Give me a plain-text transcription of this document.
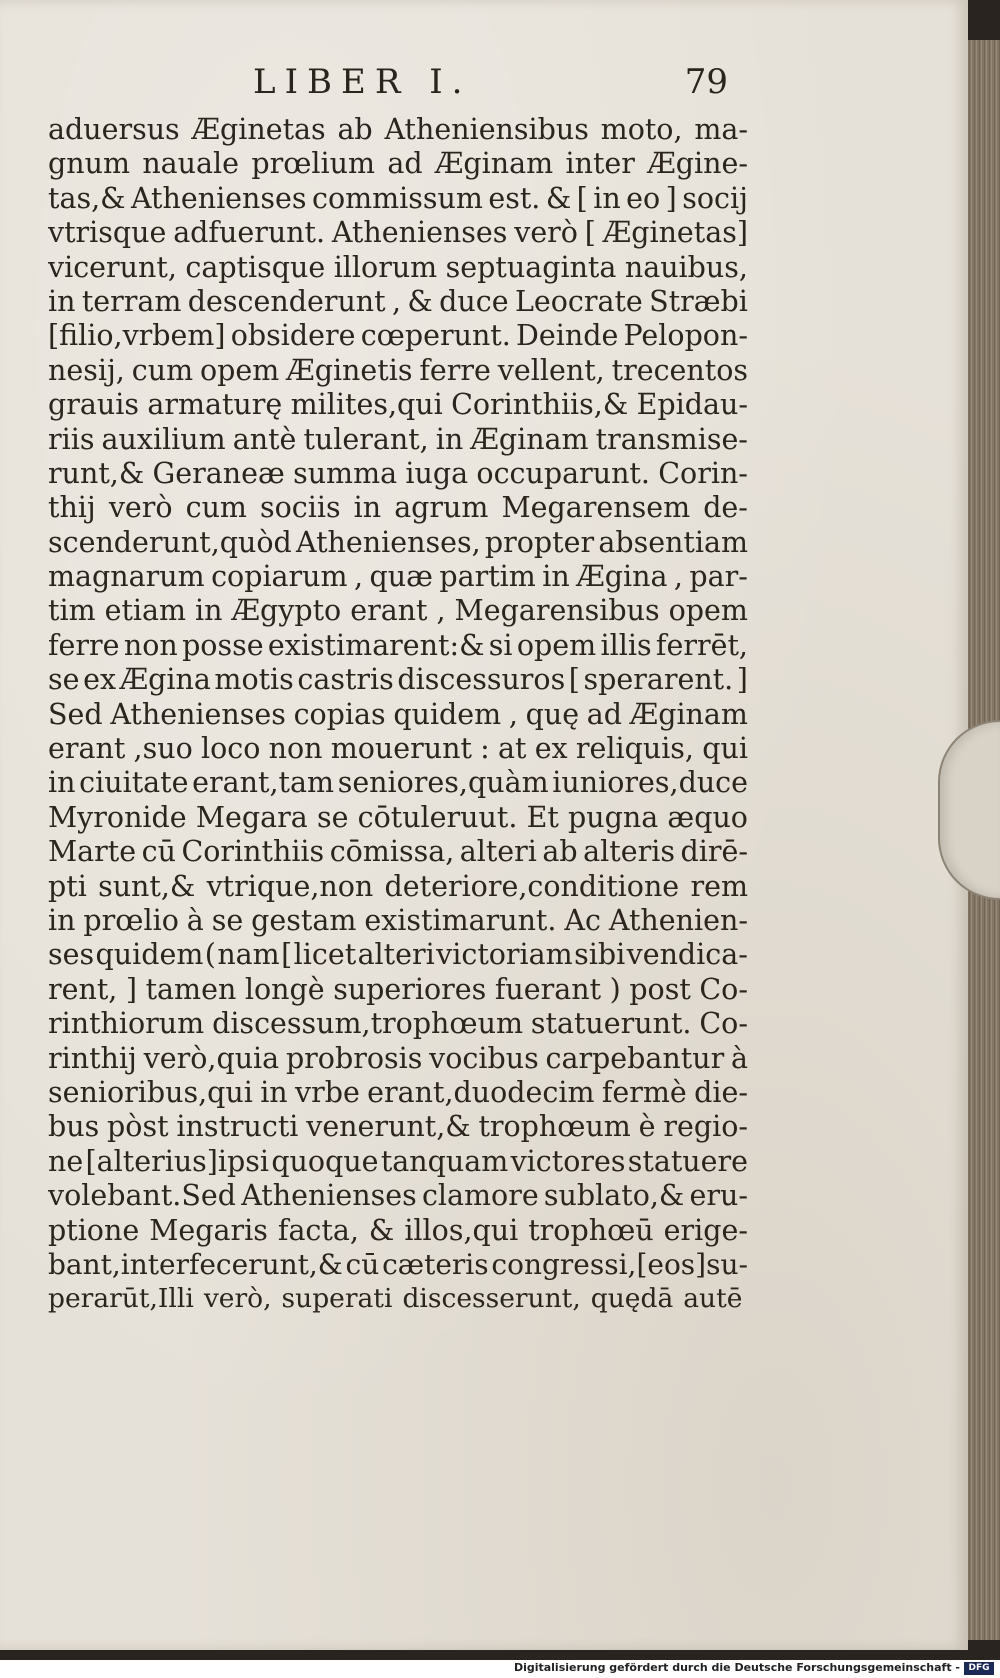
LIBER I.	79
aduersus Æginetas ab Atheniensibus moto, ma-
gnum nauale prœlium ad Æginam inter Ægine-
tas,& Athenienses commissum est. & [ in eo ] socij
vtrisque adfuerunt. Athenienses verò [ Æginetas]
vicerunt, captisque illorum septuaginta nauibus,
in terram descenderunt , & duce Leocrate Stræbi
[filio,vrbem] obsidere cœperunt. Deinde Pelopon-
nesij, cum opem Æginetis ferre vellent, trecentos
grauis armaturę milites,qui Corinthiis,& Epidau-
riis auxilium antè tulerant, in Æginam transmise-
runt,& Geraneæ summa iuga occuparunt. Corin-
thij verò cum sociis in agrum Megarensem de-
scenderunt,quòd Athenienses, propter absentiam
magnarum copiarum , quæ partim in Ægina , par-
tim etiam in Ægypto erant , Megarensibus opem
ferre non posse existimarent:& si opem illis ferrēt,
se ex Ægina motis castris discessuros [ sperarent. ]
Sed Athenienses copias quidem , quę ad Æginam
erant ,suo loco non mouerunt : at ex reliquis, qui
in ciuitate erant,tam seniores,quàm iuniores,duce
Myronide Megara se cōtuleruut. Et pugna æquo
Marte cū Corinthiis cōmissa, alteri ab alteris dirē-
pti sunt,& vtrique,non deteriore,conditione rem
in prœlio à se gestam existimarunt. Ac Athenien-
ses quidem ( nam [ licet alteri victoriam sibi vendica-
rent, ] tamen longè superiores fuerant ) post Co-
rinthiorum discessum,trophœum statuerunt. Co-
rinthij verò,quia probrosis vocibus carpebantur à
senioribus,qui in vrbe erant,duodecim fermè die-
bus pòst instructi venerunt,& trophœum è regio-
ne [alterius]ipsi quoque tanquam victores statuere
volebant.Sed Athenienses clamore sublato,& eru-
ptione Megaris facta, & illos,qui trophœū erige-
bant,interfecerunt,& cū cæteris congressi,[eos]su-
perarūt,Illi verò, superati discesserunt, quędā autē
Digitalisierung gefördert durch die Deutsche Forschungsgemeinschaft - DFG
